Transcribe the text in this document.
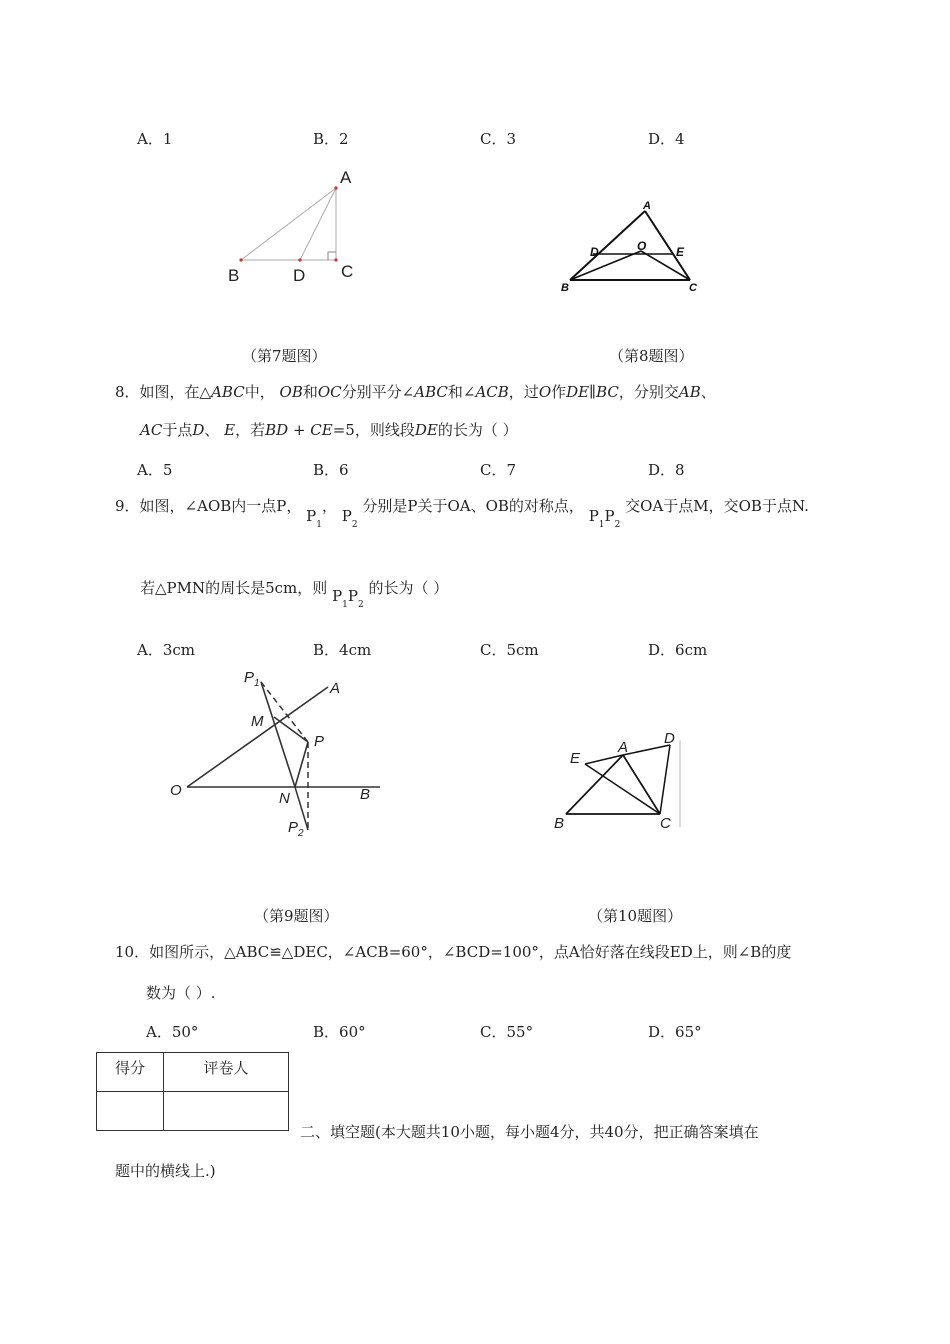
A．1	B．2	C．3	D．4
A
B	D C
A
D	O E
B	C
（第7题图）	（第8题图）
8．如图，在△ABC中， OB和OC分别平分∠ABC和∠ACB，过O作DE∥BC，分别交AB、
AC于点D、 E，若BD + CE=5，则线段DE的长为（ ）
A．5	B．6	C．7	D．8
9．如图，∠AOB内一点P， $P_1$， $P_2$ 分别是P关于OA、OB的对称点， $P_1P_2$ 交OA于点M，交OB于点N.
若△PMN的周长是5cm，则 $P_1P_2$ 的长为（ ）
A．3cm	B．4cm	C．5cm	D．6cm
$P_1$	A
M
P
O	N	B
$P_2$
A
D
E
B	C
（第9题图）	（第10题图）
10．如图所示，△ABC≌△DEC，∠ACB=60°，∠BCD=100°，点A恰好落在线段ED上，则∠B的度
数为（ ）.
A．50°	B．60°	C．55°	D．65°
得分	评卷人

二、填空题(本大题共10小题，每小题4分，共40分，把正确答案填在
题中的横线上.)
